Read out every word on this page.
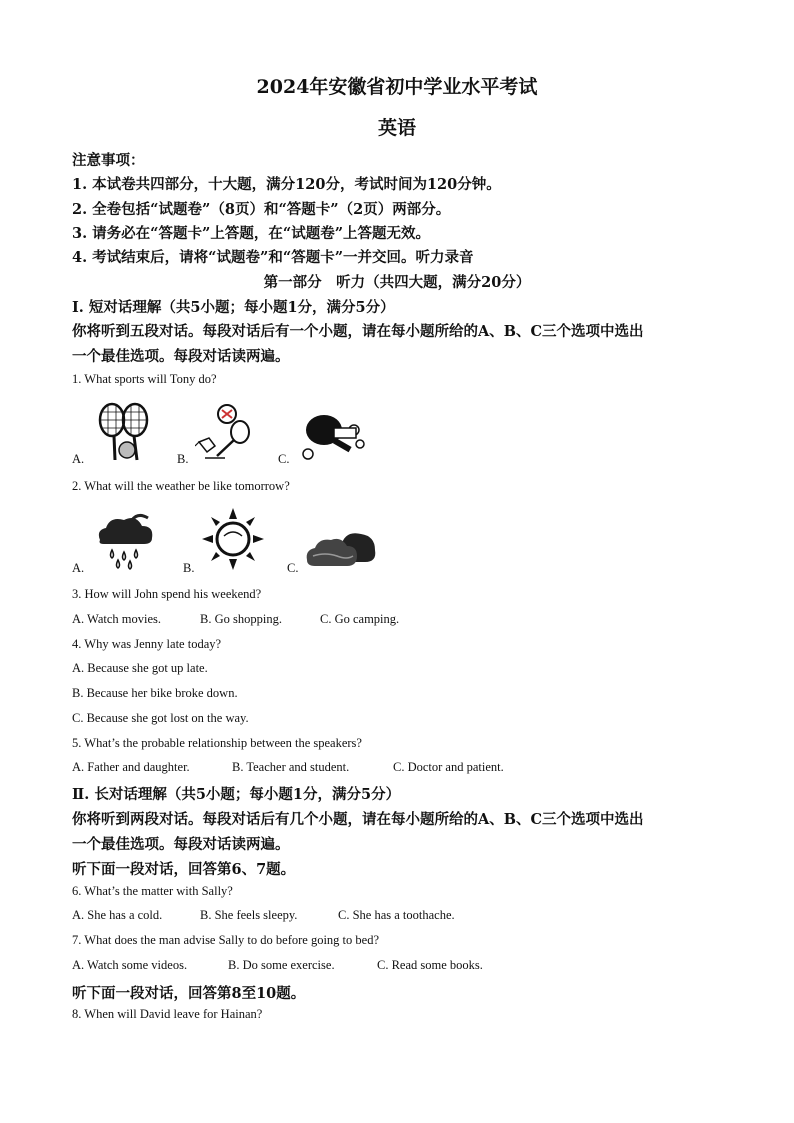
2024年安徽省初中学业水平考试
英语
注意事项：
1. 本试卷共四部分，十大题，满分120分，考试时间为120分钟。
2. 全卷包括“试题卷”（8页）和“答题卡”（2页）两部分。
3. 请务必在“答题卡”上答题，在“试题卷”上答题无效。
4. 考试结束后，请将“试题卷”和“答题卡”一并交回。听力录音
第一部分　听力（共四大题，满分20分）
I. 短对话理解（共5小题；每小题1分，满分5分）
你将听到五段对话。每段对话后有一个小题，请在每小题所给的A、B、C三个选项中选出
一个最佳选项。每段对话读两遍。
1. What sports will Tony do?
A.	B.	C.
2. What will the weather be like tomorrow?
A.	B.	C.
3. How will John spend his weekend?
A. Watch movies.	B. Go shopping.	C. Go camping.
4. Why was Jenny late today?
A. Because she got up late.
B. Because her bike broke down.
C. Because she got lost on the way.
5. What’s the probable relationship between the speakers?
A. Father and daughter.	B. Teacher and student.	C. Doctor and patient.
Ⅱ. 长对话理解（共5小题；每小题1分，满分5分）
你将听到两段对话。每段对话后有几个小题，请在每小题所给的A、B、C三个选项中选出
一个最佳选项。每段对话读两遍。
听下面一段对话，回答第6、7题。
6. What’s the matter with Sally?
A. She has a cold.	B. She feels sleepy.	C. She has a toothache.
7. What does the man advise Sally to do before going to bed?
A. Watch some videos.	B. Do some exercise.	C. Read some books.
听下面一段对话，回答第8至10题。
8. When will David leave for Hainan?
